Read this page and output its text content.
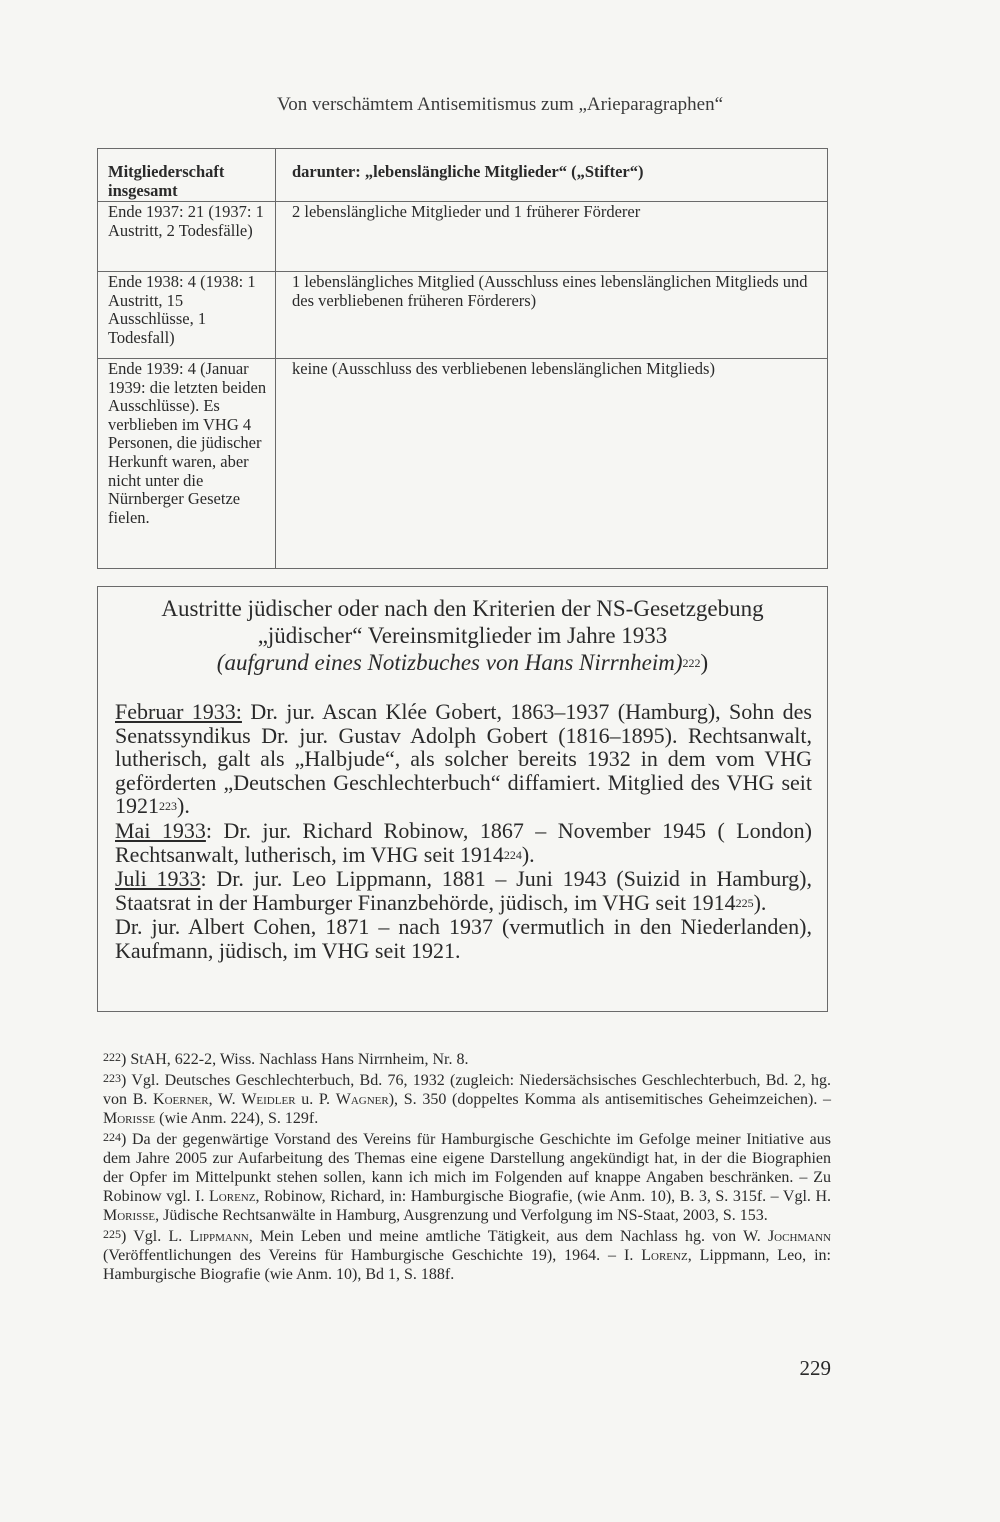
Von verschämtem Antisemitismus zum „Arieparagraphen“
Mitgliederschaft insgesamt	darunter: „lebenslängliche Mitglieder“ („Stifter“)
Ende 1937: 21 (1937: 1 Austritt, 2 Todesfälle)	2 lebenslängliche Mitglieder und 1 früherer Förderer
Ende 1938: 4 (1938: 1 Austritt, 15 Ausschlüsse, 1 Todesfall)	1 lebenslängliches Mitglied (Ausschluss eines lebenslänglichen Mitglieds und des verbliebenen früheren Förderers)
Ende 1939: 4 (Januar 1939: die letzten beiden Ausschlüsse). Es verblieben im VHG 4 Personen, die jüdischer Herkunft waren, aber nicht unter die Nürnberger Gesetze fielen.	keine (Ausschluss des verbliebenen lebenslänglichen Mitglieds)
Austritte jüdischer oder nach den Kriterien der NS-Gesetzgebung
„jüdischer“ Vereinsmitglieder im Jahre 1933
(aufgrund eines Notizbuches von Hans Nirrnheim)$^{222}$)

Februar 1933: Dr. jur. Ascan Klée Gobert, 1863–1937 (Hamburg), Sohn des Senatssyndikus Dr. jur. Gustav Adolph Gobert (1816–1895). Rechtsanwalt, lutherisch, galt als „Halbjude“, als solcher bereits 1932 in dem vom VHG geförderten „Deutschen Geschlechterbuch“ diffamiert. Mitglied des VHG seit 1921$^{223}$).

Mai 1933: Dr. jur. Richard Robinow, 1867 – November 1945 ( London) Rechtsanwalt, lutherisch, im VHG seit 1914$^{224}$).

Juli 1933: Dr. jur. Leo Lippmann, 1881 – Juni 1943 (Suizid in Hamburg), Staatsrat in der Hamburger Finanzbehörde, jüdisch, im VHG seit 1914$^{225}$).

Dr. jur. Albert Cohen, 1871 – nach 1937 (vermutlich in den Niederlanden), Kaufmann, jüdisch, im VHG seit 1921.

$^{222}$) StAH, 622-2, Wiss. Nachlass Hans Nirrnheim, Nr. 8.

$^{223}$) Vgl. Deutsches Geschlechterbuch, Bd. 76, 1932 (zugleich: Niedersächsisches Geschlechterbuch, Bd. 2, hg. von B. Koerner, W. Weidler u. P. Wagner), S. 350 (doppeltes Komma als antisemitisches Geheimzeichen). – Morisse (wie Anm. 224), S. 129f.

$^{224}$) Da der gegenwärtige Vorstand des Vereins für Hamburgische Geschichte im Gefolge meiner Initiative aus dem Jahre 2005 zur Aufarbeitung des Themas eine eigene Darstellung angekündigt hat, in der die Biographien der Opfer im Mittelpunkt stehen sollen, kann ich mich im Folgenden auf knappe Angaben beschränken. – Zu Robinow vgl. I. Lorenz, Robinow, Richard, in: Hamburgische Biografie, (wie Anm. 10), B. 3, S. 315f. – Vgl. H. Morisse, Jüdische Rechtsanwälte in Hamburg, Ausgrenzung und Verfolgung im NS-Staat, 2003, S. 153.

$^{225}$) Vgl. L. Lippmann, Mein Leben und meine amtliche Tätigkeit, aus dem Nachlass hg. von W. Jochmann (Veröffentlichungen des Vereins für Hamburgische Geschichte 19), 1964. – I. Lorenz, Lippmann, Leo, in: Hamburgische Biografie (wie Anm. 10), Bd 1, S. 188f.

229
